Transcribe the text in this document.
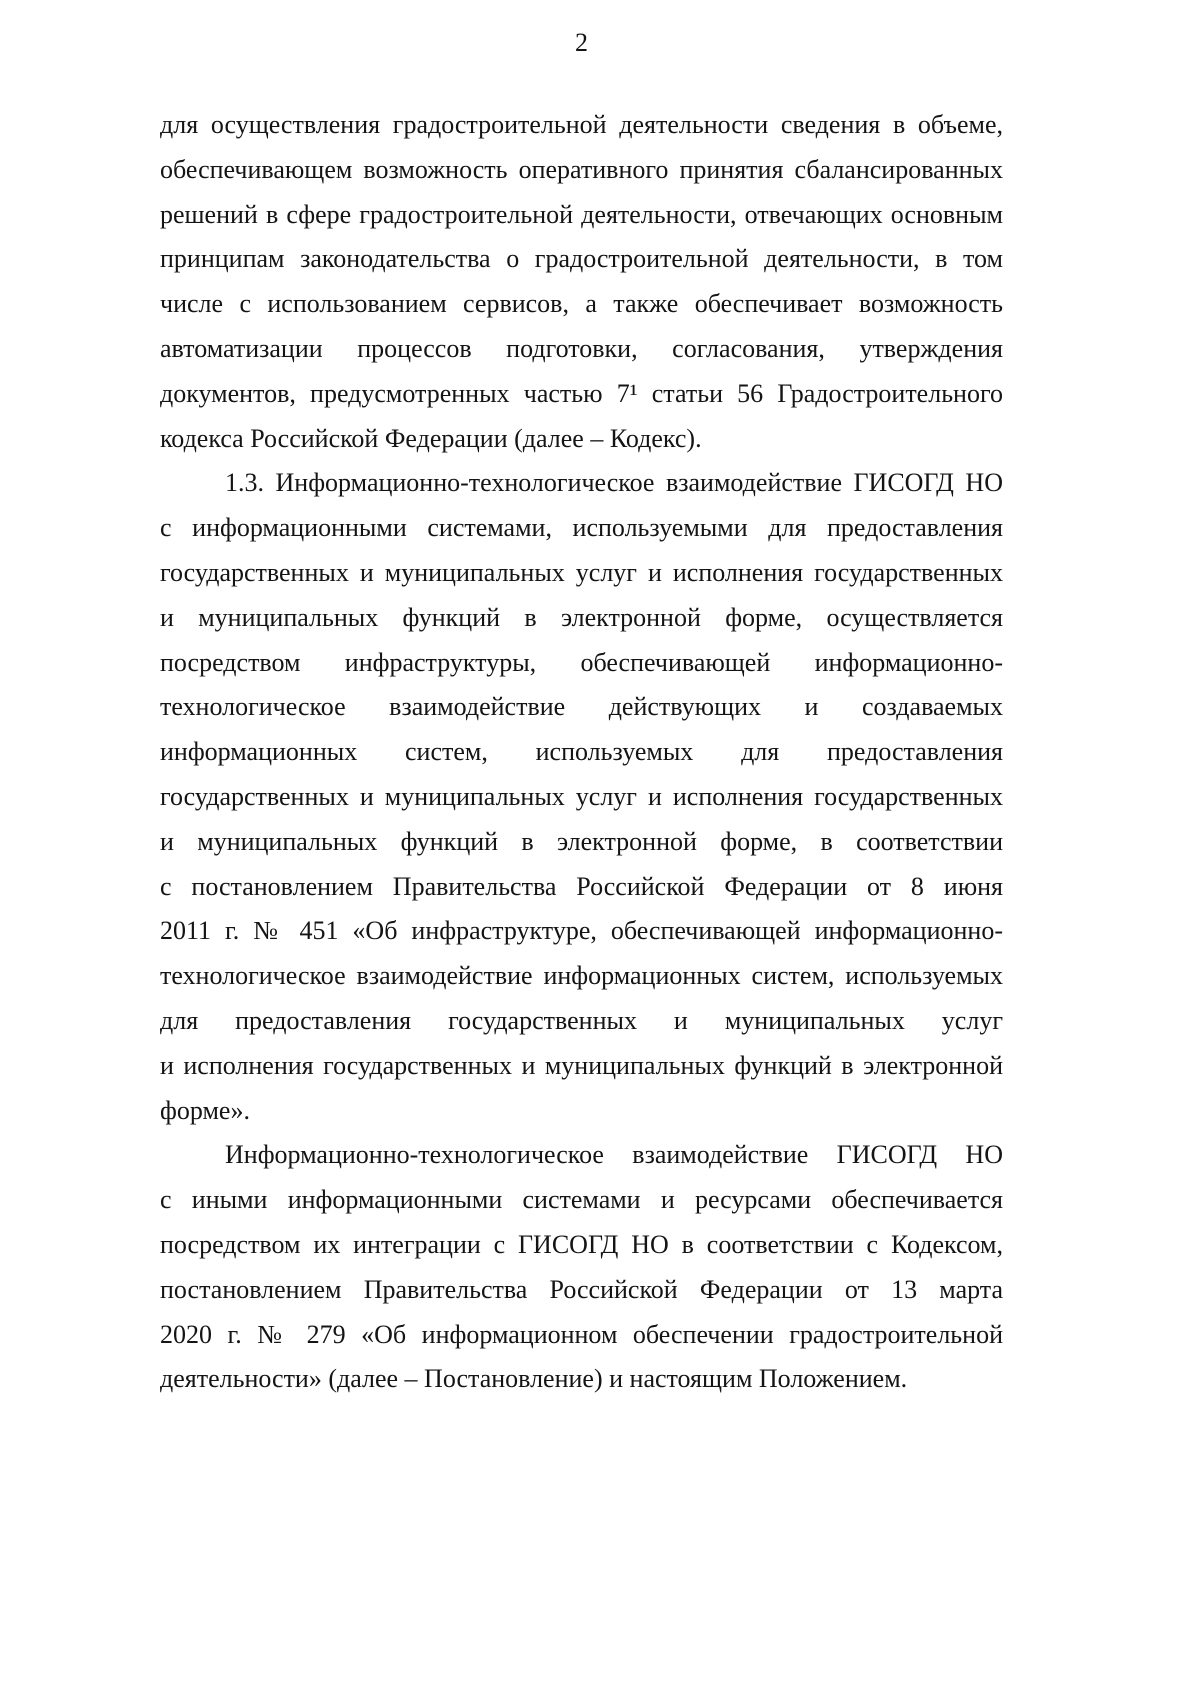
2
для осуществления градостроительной деятельности сведения в объеме,
обеспечивающем возможность оперативного принятия сбалансированных
решений в сфере градостроительной деятельности, отвечающих основным
принципам законодательства о градостроительной деятельности, в том
числе с использованием сервисов, а также обеспечивает возможность
автоматизации процессов подготовки, согласования, утверждения
документов, предусмотренных частью 7¹ статьи 56 Градостроительного
кодекса Российской Федерации (далее – Кодекс).
1.3. Информационно-технологическое взаимодействие ГИСОГД НО
с информационными системами, используемыми для предоставления
государственных и муниципальных услуг и исполнения государственных
и муниципальных функций в электронной форме, осуществляется
посредством инфраструктуры, обеспечивающей информационно-
технологическое взаимодействие действующих и создаваемых
информационных систем, используемых для предоставления
государственных и муниципальных услуг и исполнения государственных
и муниципальных функций в электронной форме, в соответствии
с постановлением Правительства Российской Федерации от 8 июня
2011 г. № 451 «Об инфраструктуре, обеспечивающей информационно-
технологическое взаимодействие информационных систем, используемых
для предоставления государственных и муниципальных услуг
и исполнения государственных и муниципальных функций в электронной
форме».
Информационно-технологическое взаимодействие ГИСОГД НО
с иными информационными системами и ресурсами обеспечивается
посредством их интеграции с ГИСОГД НО в соответствии с Кодексом,
постановлением Правительства Российской Федерации от 13 марта
2020 г. № 279 «Об информационном обеспечении градостроительной
деятельности» (далее – Постановление) и настоящим Положением.
